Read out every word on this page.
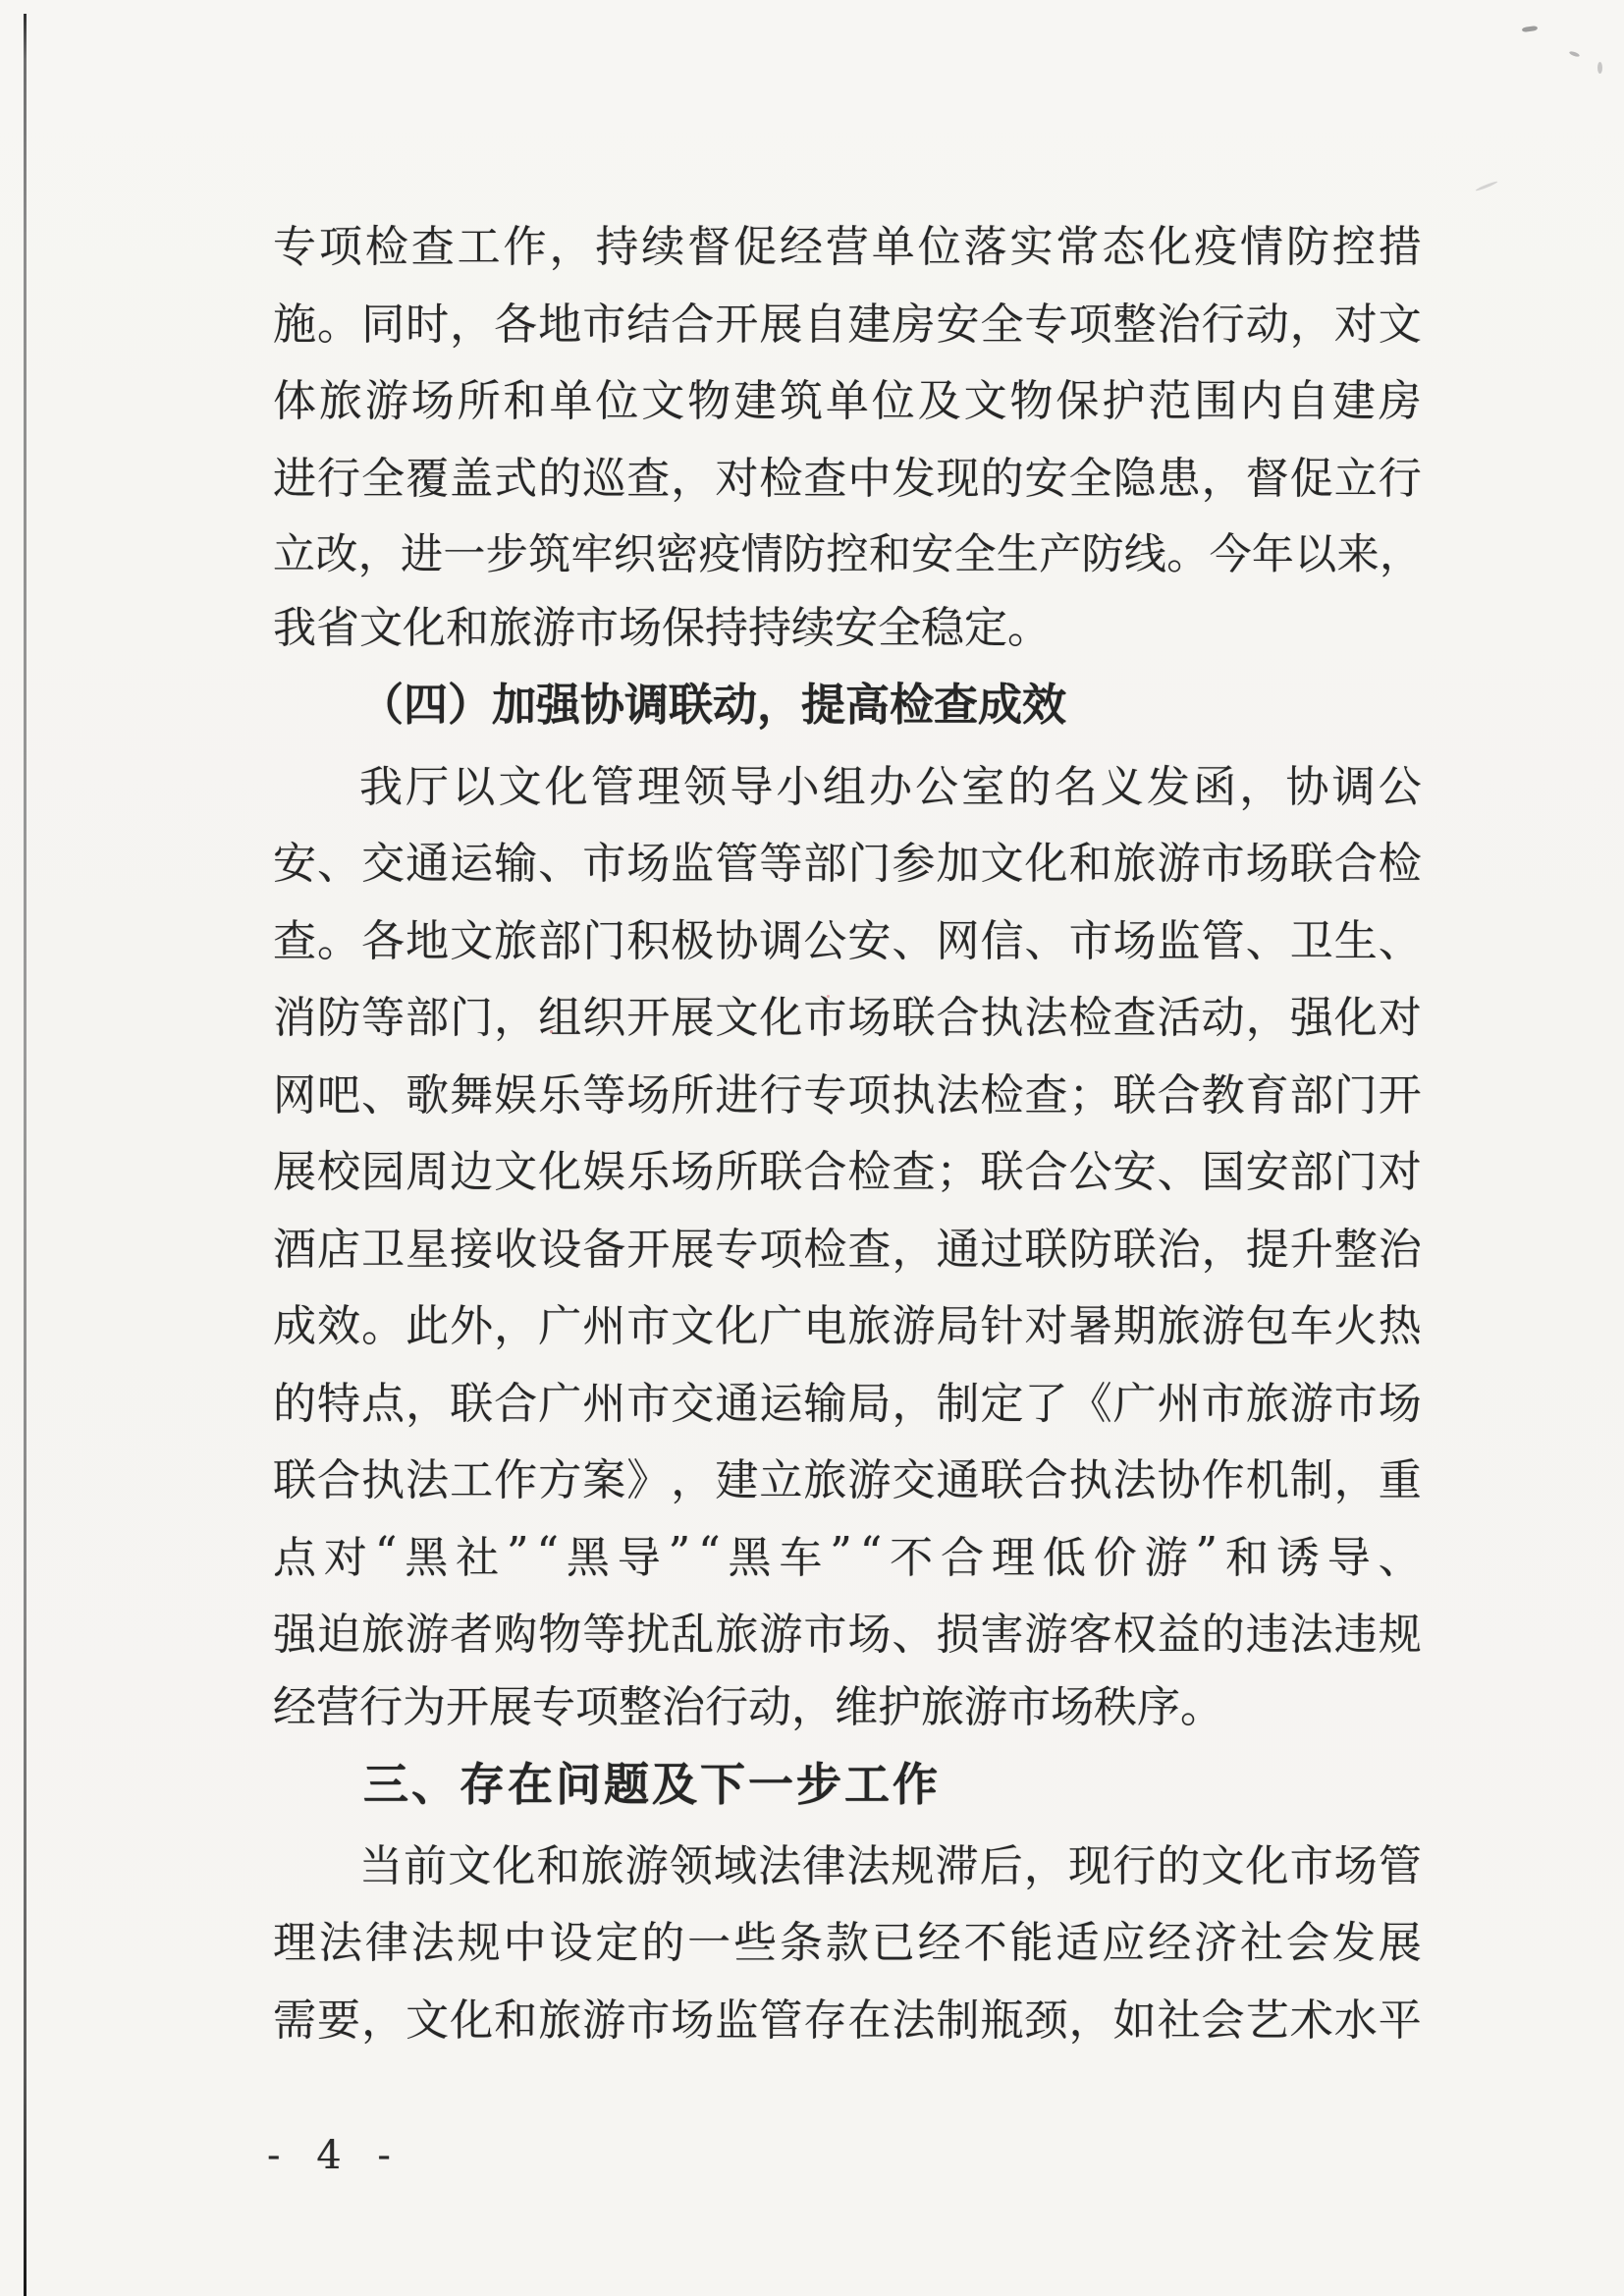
专 项 检 查 工 作 ， 持 续 督 促 经 营 单 位 落 实 常 态 化 疫 情 防 控 措
施 。 同 时 ， 各 地 市 结 合 开 展 自 建 房 安 全 专 项 整 治 行 动 ， 对 文
体 旅 游 场 所 和 单 位 文 物 建 筑 单 位 及 文 物 保 护 范 围 内 自 建 房
进 行 全 覆 盖 式 的 巡 查 ， 对 检 查 中 发 现 的 安 全 隐 患 ， 督 促 立 行
立 改 ， 进 一 步 筑 牢 织 密 疫 情 防 控 和 安 全 生 产 防 线 。 今 年 以 来 ，
我省文化和旅游市场保持持续安全稳定。
（四）加强协调联动，提高检查成效
我 厅 以 文 化 管 理 领 导 小 组 办 公 室 的 名 义 发 函 ， 协 调 公
安 、 交 通 运 输 、 市 场 监 管 等 部 门 参 加 文 化 和 旅 游 市 场 联 合 检
查 。 各 地 文 旅 部 门 积 极 协 调 公 安 、 网 信 、 市 场 监 管 、 卫 生 、
消 防 等 部 门 ， 组 织 开 展 文 化 市 场 联 合 执 法 检 查 活 动 ， 强 化 对
网 吧 、 歌 舞 娱 乐 等 场 所 进 行 专 项 执 法 检 查 ； 联 合 教 育 部 门 开
展 校 园 周 边 文 化 娱 乐 场 所 联 合 检 查 ； 联 合 公 安 、 国 安 部 门 对
酒 店 卫 星 接 收 设 备 开 展 专 项 检 查 ， 通 过 联 防 联 治 ， 提 升 整 治
成 效 。 此 外 ， 广 州 市 文 化 广 电 旅 游 局 针 对 暑 期 旅 游 包 车 火 热
的 特 点 ， 联 合 广 州 市 交 通 运 输 局 ， 制 定 了 《 广 州 市 旅 游 市 场
联 合 执 法 工 作 方 案 》 ， 建 立 旅 游 交 通 联 合 执 法 协 作 机 制 ， 重
点 对 “ 黑 社 ” “ 黑 导 ” “ 黑 车 ” “ 不 合 理 低 价 游 ” 和 诱 导 、
强 迫 旅 游 者 购 物 等 扰 乱 旅 游 市 场 、 损 害 游 客 权 益 的 违 法 违 规
经营行为开展专项整治行动，维护旅游市场秩序。
三、存在问题及下一步工作
当 前 文 化 和 旅 游 领 域 法 律 法 规 滞 后 ， 现 行 的 文 化 市 场 管
理 法 律 法 规 中 设 定 的 一 些 条 款 已 经 不 能 适 应 经 济 社 会 发 展
需 要 ， 文 化 和 旅 游 市 场 监 管 存 在 法 制 瓶 颈 ， 如 社 会 艺 术 水 平
- 4 -
